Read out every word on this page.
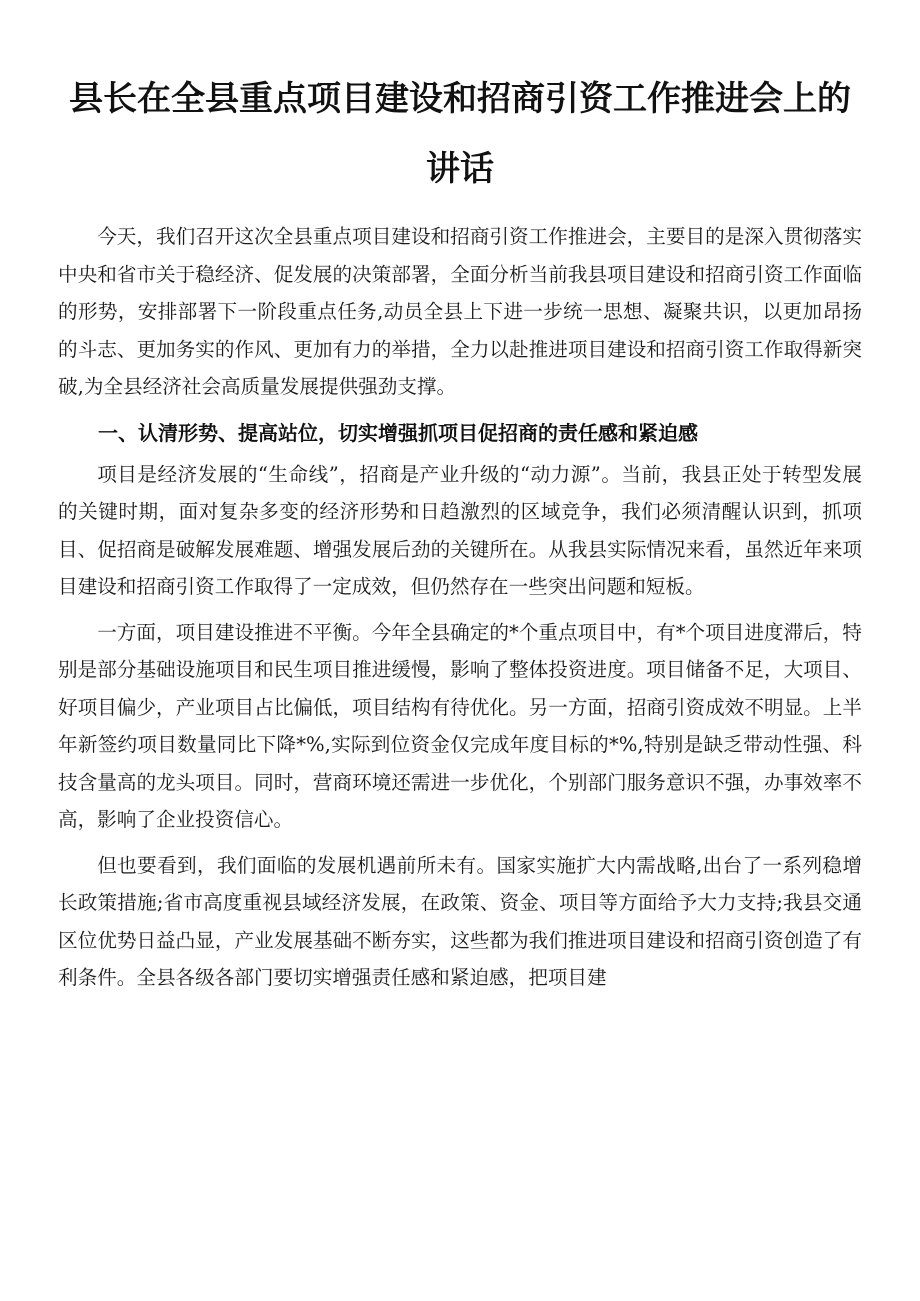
县长在全县重点项目建设和招商引资工作推进会上的讲话

今天，我们召开这次全县重点项目建设和招商引资工作推进会，主要目的是深入贯彻落实中央和省市关于稳经济、促发展的决策部署，全面分析当前我县项目建设和招商引资工作面临的形势，安排部署下一阶段重点任务,动员全县上下进一步统一思想、凝聚共识，以更加昂扬的斗志、更加务实的作风、更加有力的举措，全力以赴推进项目建设和招商引资工作取得新突破,为全县经济社会高质量发展提供强劲支撑。

一、认清形势、提高站位，切实增强抓项目促招商的责任感和紧迫感

项目是经济发展的“生命线”，招商是产业升级的“动力源”。当前，我县正处于转型发展的关键时期，面对复杂多变的经济形势和日趋激烈的区域竞争，我们必须清醒认识到，抓项目、促招商是破解发展难题、增强发展后劲的关键所在。从我县实际情况来看，虽然近年来项目建设和招商引资工作取得了一定成效，但仍然存在一些突出问题和短板。

一方面，项目建设推进不平衡。今年全县确定的*个重点项目中，有*个项目进度滞后，特别是部分基础设施项目和民生项目推进缓慢，影响了整体投资进度。项目储备不足，大项目、好项目偏少，产业项目占比偏低，项目结构有待优化。另一方面，招商引资成效不明显。上半年新签约项目数量同比下降*%,实际到位资金仅完成年度目标的*%,特别是缺乏带动性强、科技含量高的龙头项目。同时，营商环境还需进一步优化，个别部门服务意识不强，办事效率不高，影响了企业投资信心。

但也要看到，我们面临的发展机遇前所未有。国家实施扩大内需战略,出台了一系列稳增长政策措施;省市高度重视县域经济发展，在政策、资金、项目等方面给予大力支持;我县交通区位优势日益凸显，产业发展基础不断夯实，这些都为我们推进项目建设和招商引资创造了有利条件。全县各级各部门要切实增强责任感和紧迫感，把项目建
